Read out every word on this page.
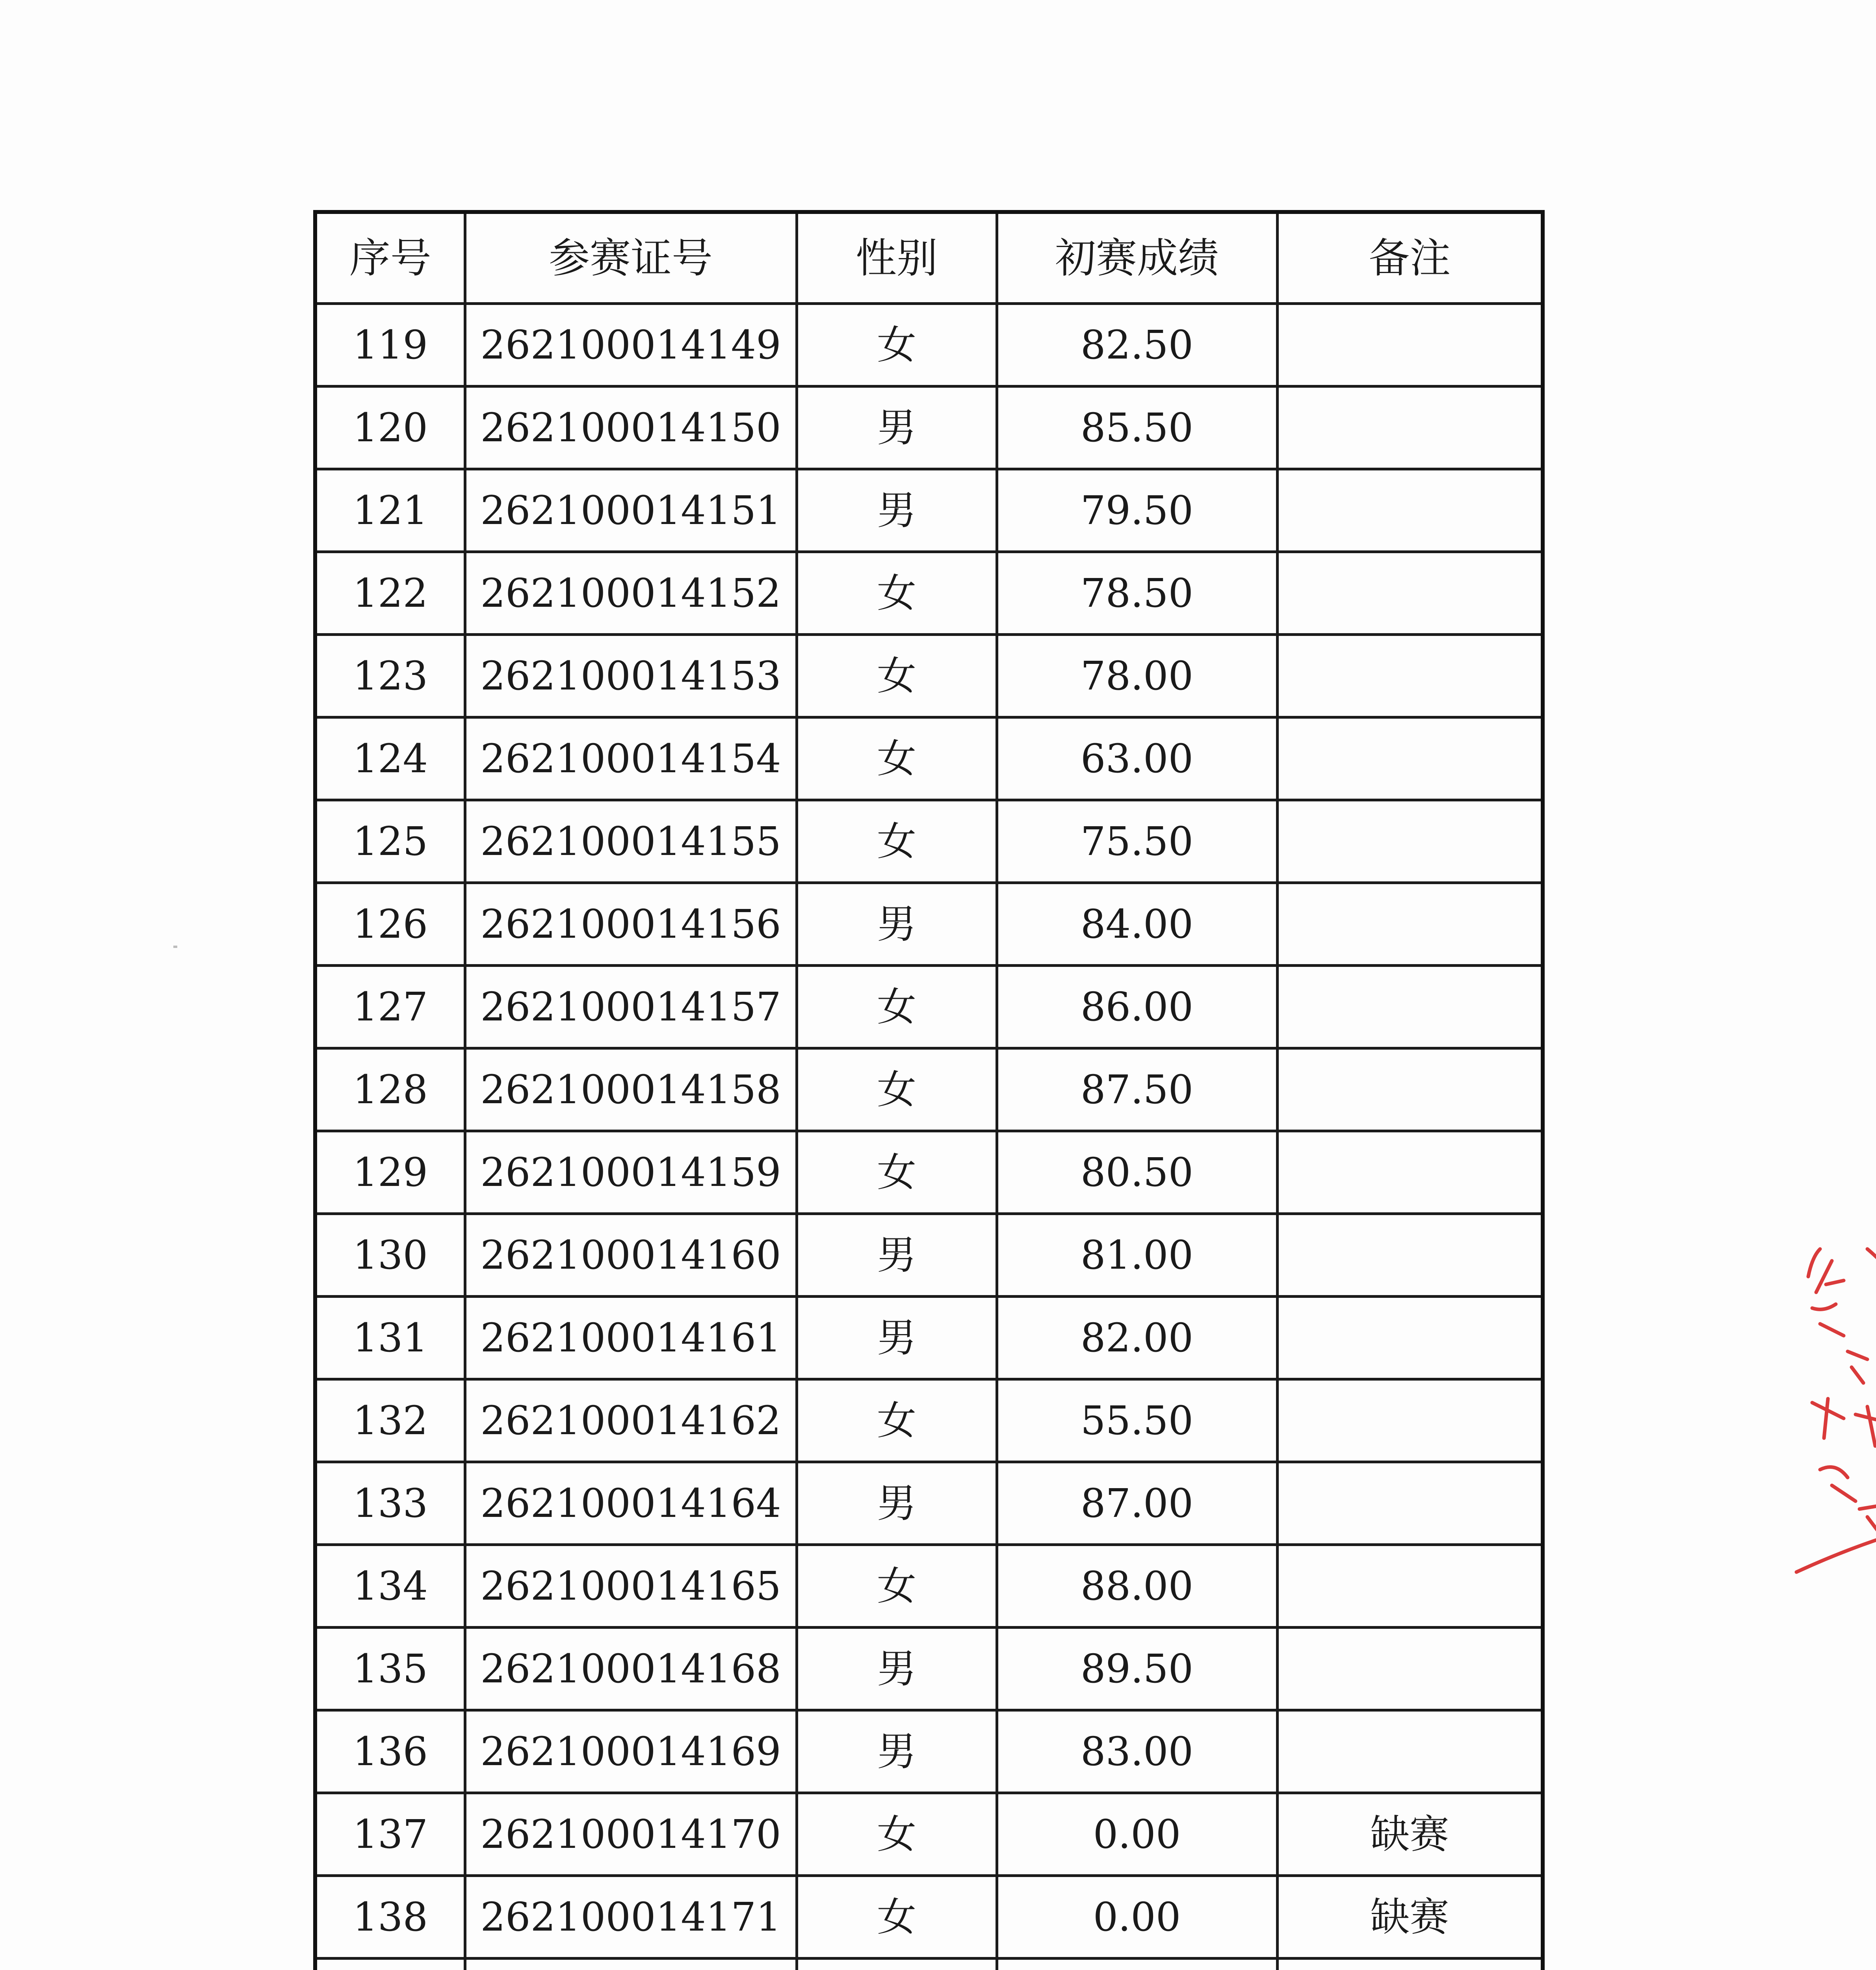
序号	参赛证号	性别	初赛成绩	备注
119	262100014149	女	82.50	
120	262100014150	男	85.50	
121	262100014151	男	79.50	
122	262100014152	女	78.50	
123	262100014153	女	78.00	
124	262100014154	女	63.00	
125	262100014155	女	75.50	
126	262100014156	男	84.00	
127	262100014157	女	86.00	
128	262100014158	女	87.50	
129	262100014159	女	80.50	
130	262100014160	男	81.00	
131	262100014161	男	82.00	
132	262100014162	女	55.50	
133	262100014164	男	87.00	
134	262100014165	女	88.00	
135	262100014168	男	89.50	
136	262100014169	男	83.00	
137	262100014170	女	0.00	缺赛
138	262100014171	女	0.00	缺赛
